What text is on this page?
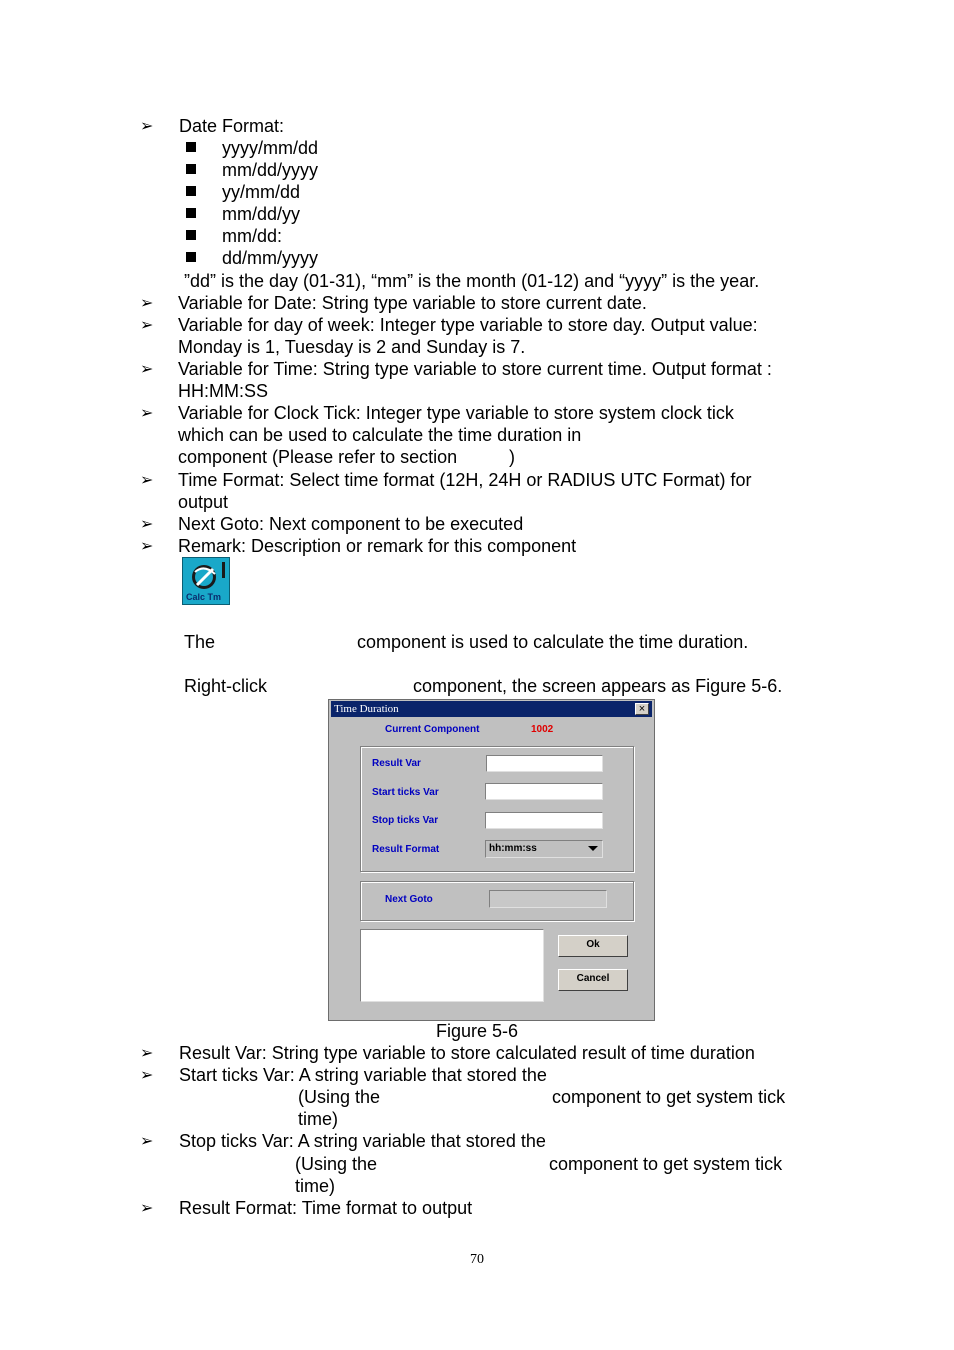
➢ Date Format:
yyyy/mm/dd
mm/dd/yyyy
yy/mm/dd
mm/dd/yy
mm/dd:
dd/mm/yyyy
”dd” is the day (01-31), “mm” is the month (01-12) and “yyyy” is the year.
➢ Variable for Date: String type variable to store current date.
➢ Variable for day of week: Integer type variable to store day. Output value:
Monday is 1, Tuesday is 2 and Sunday is 7.
➢ Variable for Time: String type variable to store current time. Output format :
HH:MM:SS
➢ Variable for Clock Tick: Integer type variable to store system clock tick
which can be used to calculate the time duration in
component (Please refer to section	)
➢ Time Format: Select time format (12H, 24H or RADIUS UTC Format) for
output
➢ Next Goto: Next component to be executed
➢ Remark: Description or remark for this component
Calc Tm
The	component is used to calculate the time duration.
Right-click	component, the screen appears as Figure 5-6.
Time Duration	×
Current Component	1002
Result Var
Start ticks Var
Stop ticks Var
Result Format	hh:mm:ss
Next Goto
Ok
Cancel
Figure 5-6
➢ Result Var: String type variable to store calculated result of time duration
➢ Start ticks Var: A string variable that stored the
(Using the	component to get system tick
time)
➢ Stop ticks Var: A string variable that stored the
(Using the	component to get system tick
time)
➢ Result Format: Time format to output
70
